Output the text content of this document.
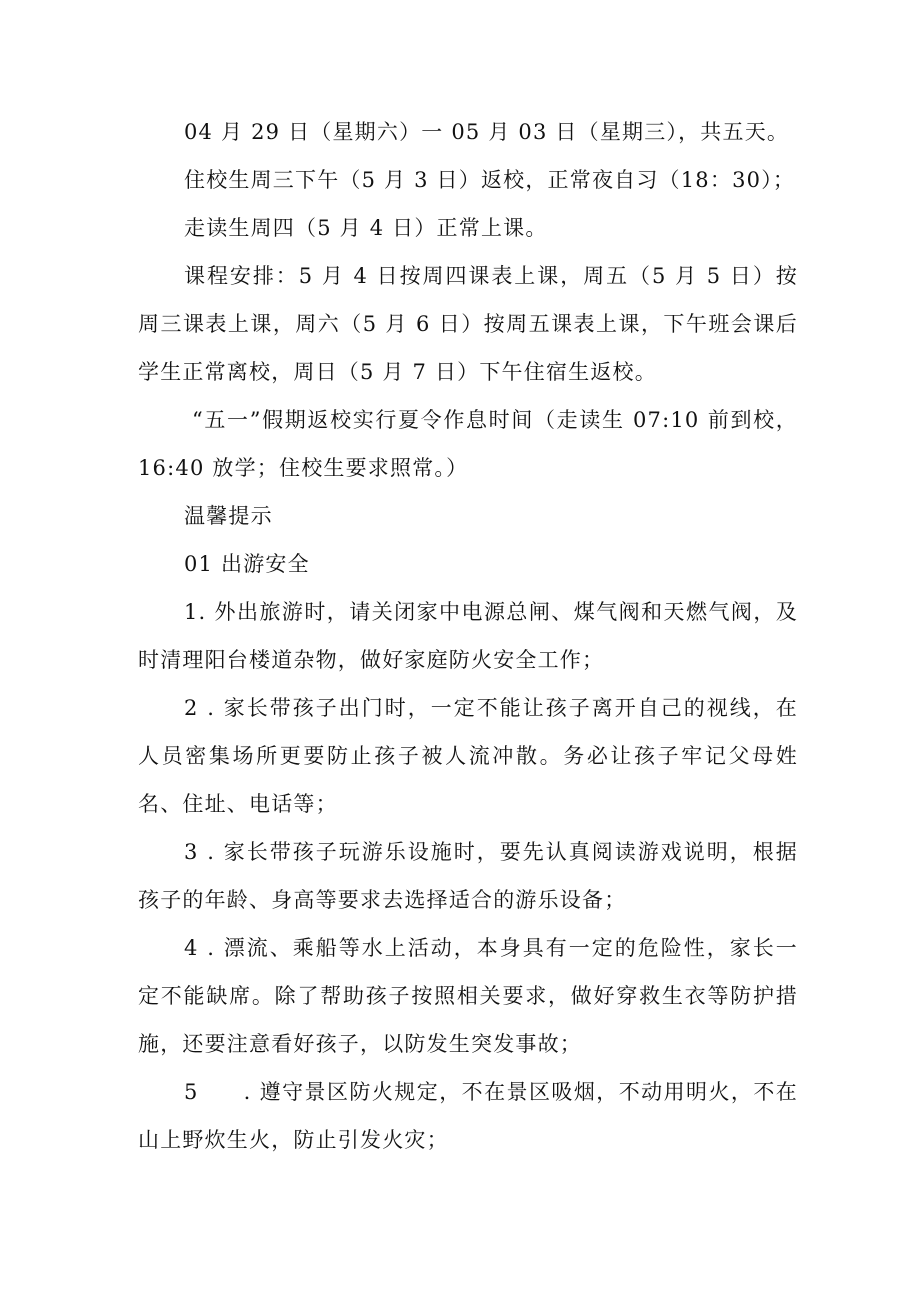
04 月 29 日（星期六）一 05 月 03 日（星期三），共五天。

住校生周三下午（5 月 3 日）返校，正常夜自习（18：30）；

走读生周四（5 月 4 日）正常上课。

课程安排：5 月 4 日按周四课表上课，周五（5 月 5 日）按周三课表上课，周六（5 月 6 日）按周五课表上课，下午班会课后学生正常离校，周日（5 月 7 日）下午住宿生返校。

“五一”假期返校实行夏令作息时间（走读生 07:10 前到校，16:40 放学；住校生要求照常。）

温馨提示

01 出游安全

1. 外出旅游时，请关闭家中电源总闸、煤气阀和天燃气阀，及时清理阳台楼道杂物，做好家庭防火安全工作；

2 . 家长带孩子出门时，一定不能让孩子离开自己的视线，在人员密集场所更要防止孩子被人流冲散。务必让孩子牢记父母姓名、住址、电话等；

3 . 家长带孩子玩游乐设施时，要先认真阅读游戏说明，根据孩子的年龄、身高等要求去选择适合的游乐设备；

4 . 漂流、乘船等水上活动，本身具有一定的危险性，家长一定不能缺席。除了帮助孩子按照相关要求，做好穿救生衣等防护措施，还要注意看好孩子，以防发生突发事故；

5　　. 遵守景区防火规定，不在景区吸烟，不动用明火，不在山上野炊生火，防止引发火灾；
